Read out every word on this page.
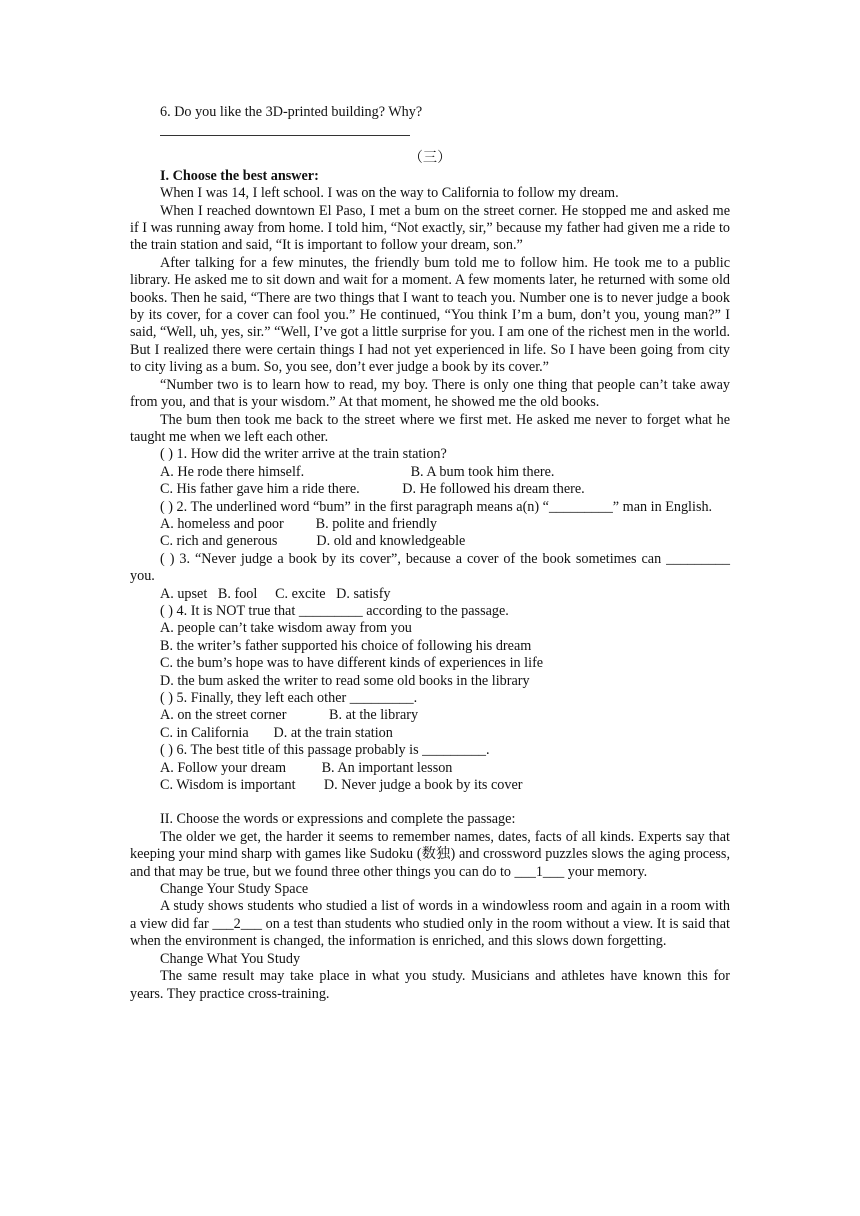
6. Do you like the 3D-printed building? Why?

（三）

I. Choose the best answer:

When I was 14, I left school. I was on the way to California to follow my dream.

When I reached downtown El Paso, I met a bum on the street corner. He stopped me and asked me if I was running away from home. I told him, “Not exactly, sir,” because my father had given me a ride to the train station and said, “It is important to follow your dream, son.”

After talking for a few minutes, the friendly bum told me to follow him. He took me to a public library. He asked me to sit down and wait for a moment. A few moments later, he returned with some old books. Then he said, “There are two things that I want to teach you. Number one is to never judge a book by its cover, for a cover can fool you.” He continued, “You think I’m a bum, don’t you, young man?” I said, “Well, uh, yes, sir.” “Well, I’ve got a little surprise for you. I am one of the richest men in the world. But I realized there were certain things I had not yet experienced in life. So I have been going from city to city living as a bum. So, you see, don’t ever judge a book by its cover.”

“Number two is to learn how to read, my boy. There is only one thing that people can’t take away from you, and that is your wisdom.” At that moment, he showed me the old books.

The bum then took me back to the street where we first met. He asked me never to forget what he taught me when we left each other.

( ) 1. How did the writer arrive at the train station?

A. He rode there himself.                              B. A bum took him there.

C. His father gave him a ride there.            D. He followed his dream there.

( ) 2. The underlined word “bum” in the first paragraph means a(n) “_________” man in English.

A. homeless and poor         B. polite and friendly

C. rich and generous           D. old and knowledgeable

( ) 3. “Never judge a book by its cover”, because a cover of the book sometimes can _________ you.

A. upset   B. fool     C. excite   D. satisfy

( ) 4. It is NOT true that _________ according to the passage.

A. people can’t take wisdom away from you

B. the writer’s father supported his choice of following his dream

C. the bum’s hope was to have different kinds of experiences in life

D. the bum asked the writer to read some old books in the library

( ) 5. Finally, they left each other _________.

A. on the street corner            B. at the library

C. in California       D. at the train station

( ) 6. The best title of this passage probably is _________.

A. Follow your dream          B. An important lesson

C. Wisdom is important        D. Never judge a book by its cover

II. Choose the words or expressions and complete the passage:

The older we get, the harder it seems to remember names, dates, facts of all kinds. Experts say that keeping your mind sharp with games like Sudoku (数独) and crossword puzzles slows the aging process, and that may be true, but we found three other things you can do to ___1___ your memory.

Change Your Study Space

A study shows students who studied a list of words in a windowless room and again in a room with a view did far ___2___ on a test than students who studied only in the room without a view. It is said that when the environment is changed, the information is enriched, and this slows down forgetting.

Change What You Study

The same result may take place in what you study. Musicians and athletes have known this for years. They practice cross-training.
